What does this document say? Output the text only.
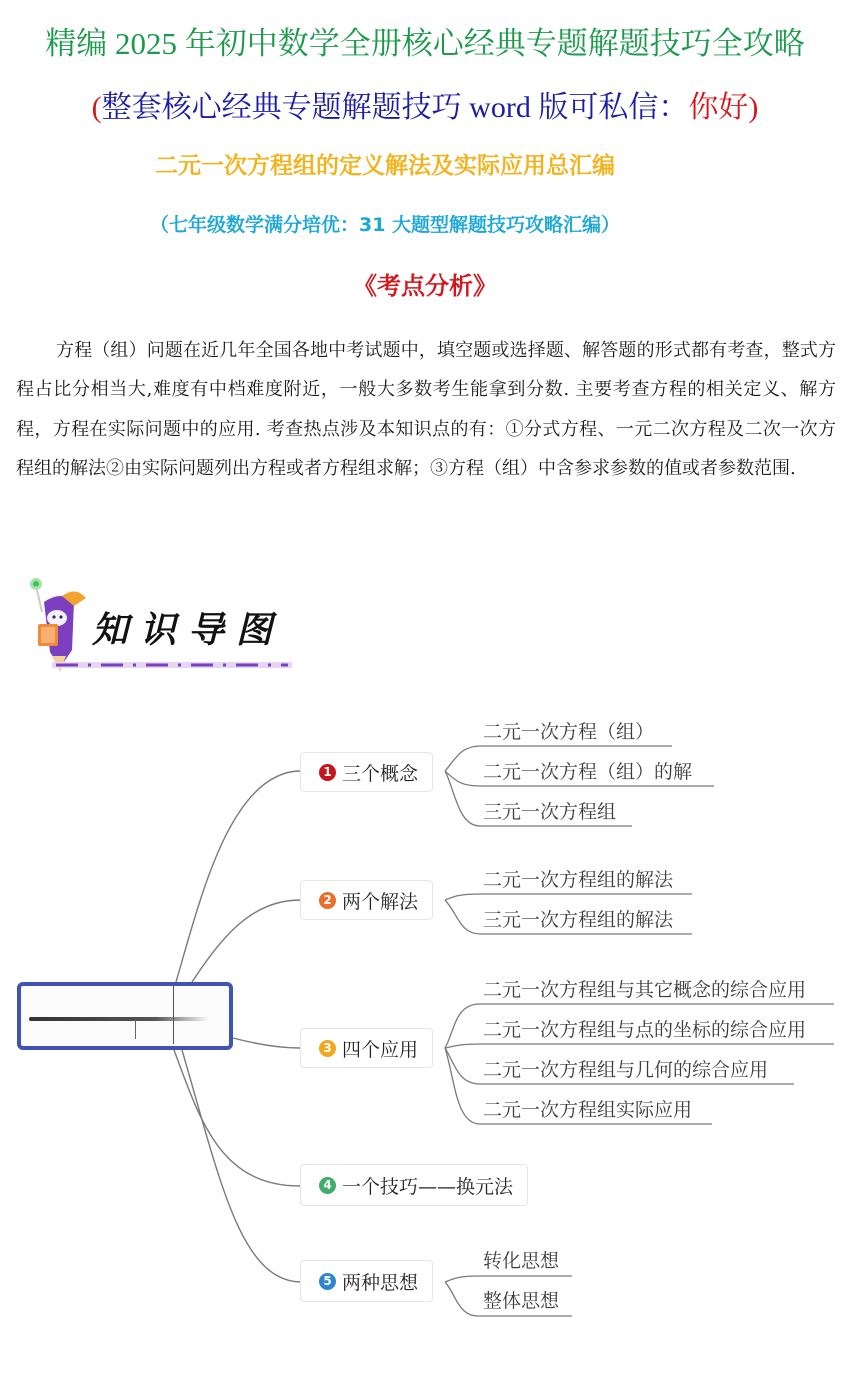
精编 2025 年初中数学全册核心经典专题解题技巧全攻略
(整套核心经典专题解题技巧 word 版可私信：你好)
二元一次方程组的定义解法及实际应用总汇编
（七年级数学满分培优：31 大题型解题技巧攻略汇编）
《考点分析》

方程（组）问题在近几年全国各地中考试题中，填空题或选择题、解答题的形式都有考查，整式方程占比分相当大,难度有中档难度附近，一般大多数考生能拿到分数. 主要考查方程的相关定义、解方程，方程在实际问题中的应用. 考查热点涉及本知识点的有：①分式方程、一元二次方程及二次一次方程组的解法②由实际问题列出方程或者方程组求解；③方程（组）中含参求参数的值或者参数范围.

知识导图
1 三个概念
二元一次方程（组）
二元一次方程（组）的解
三元一次方程组
2 两个解法
二元一次方程组的解法
三元一次方程组的解法
3 四个应用
二元一次方程组与其它概念的综合应用
二元一次方程组与点的坐标的综合应用
二元一次方程组与几何的综合应用
二元一次方程组实际应用
4 一个技巧——换元法
5 两种思想
转化思想
整体思想
